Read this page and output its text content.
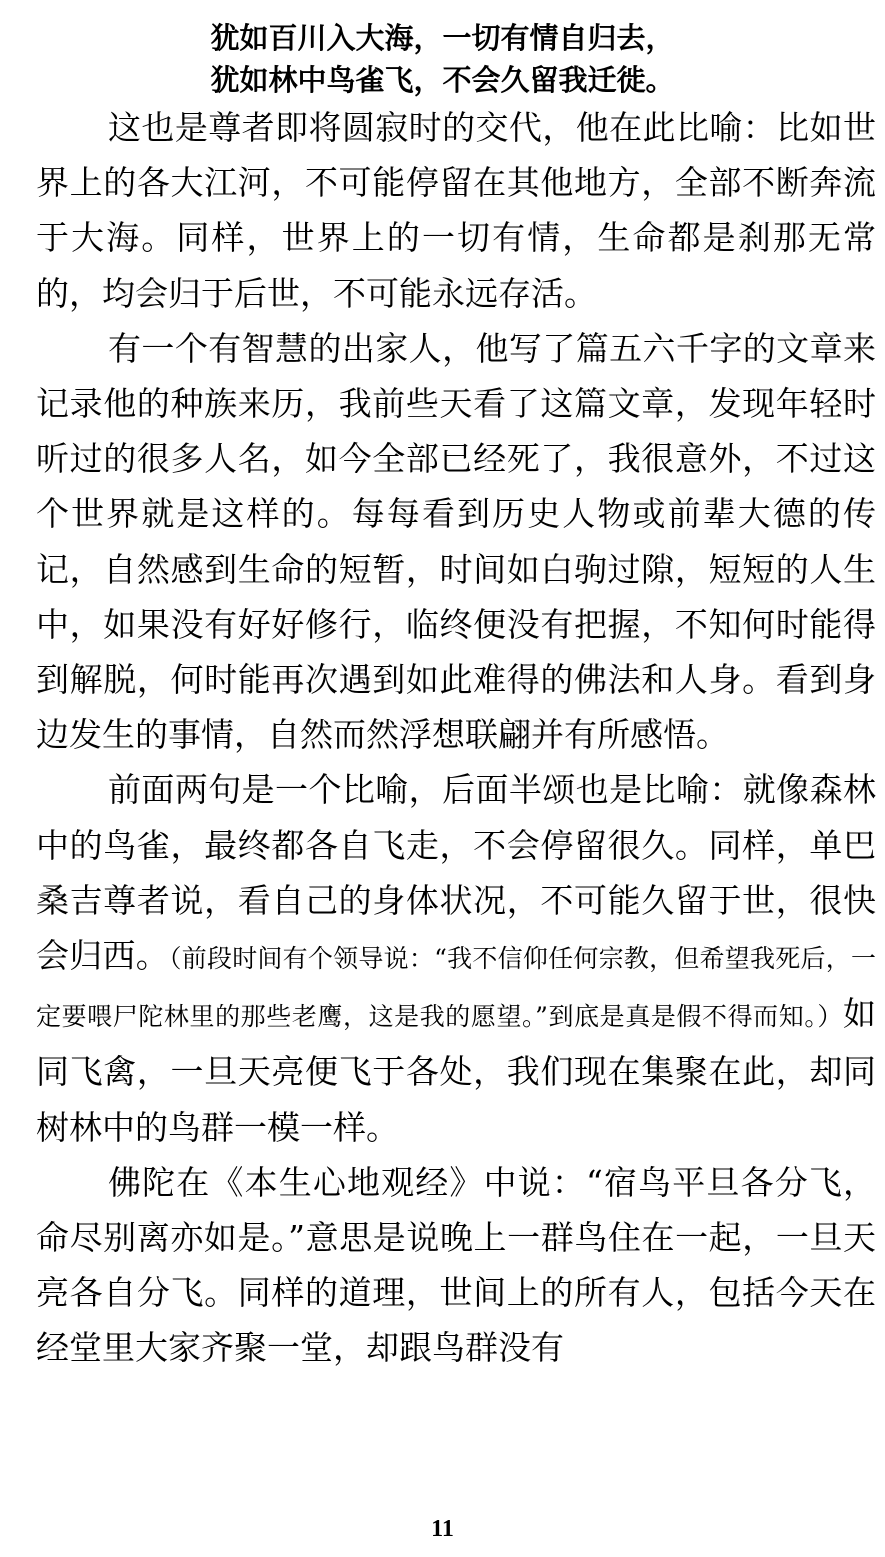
犹如百川入大海，一切有情自归去，
犹如林中鸟雀飞，不会久留我迁徙。

这也是尊者即将圆寂时的交代，他在此比喻：比如世界上的各大江河，不可能停留在其他地方，全部不断奔流于大海。同样，世界上的一切有情，生命都是刹那无常的，均会归于后世，不可能永远存活。

有一个有智慧的出家人，他写了篇五六千字的文章来记录他的种族来历，我前些天看了这篇文章，发现年轻时听过的很多人名，如今全部已经死了，我很意外，不过这个世界就是这样的。每每看到历史人物或前辈大德的传记，自然感到生命的短暂，时间如白驹过隙，短短的人生中，如果没有好好修行，临终便没有把握，不知何时能得到解脱，何时能再次遇到如此难得的佛法和人身。看到身边发生的事情，自然而然浮想联翩并有所感悟。

前面两句是一个比喻，后面半颂也是比喻：就像森林中的鸟雀，最终都各自飞走，不会停留很久。同样，单巴桑吉尊者说，看自己的身体状况，不可能久留于世，很快会归西。（前段时间有个领导说：“我不信仰任何宗教，但希望我死后，一定要喂尸陀林里的那些老鹰，这是我的愿望。”到底是真是假不得而知。）如同飞禽，一旦天亮便飞于各处，我们现在集聚在此，却同树林中的鸟群一模一样。

佛陀在《本生心地观经》中说：“宿鸟平旦各分飞，命尽别离亦如是。”意思是说晚上一群鸟住在一起，一旦天亮各自分飞。同样的道理，世间上的所有人，包括今天在经堂里大家齐聚一堂，却跟鸟群没有

11
